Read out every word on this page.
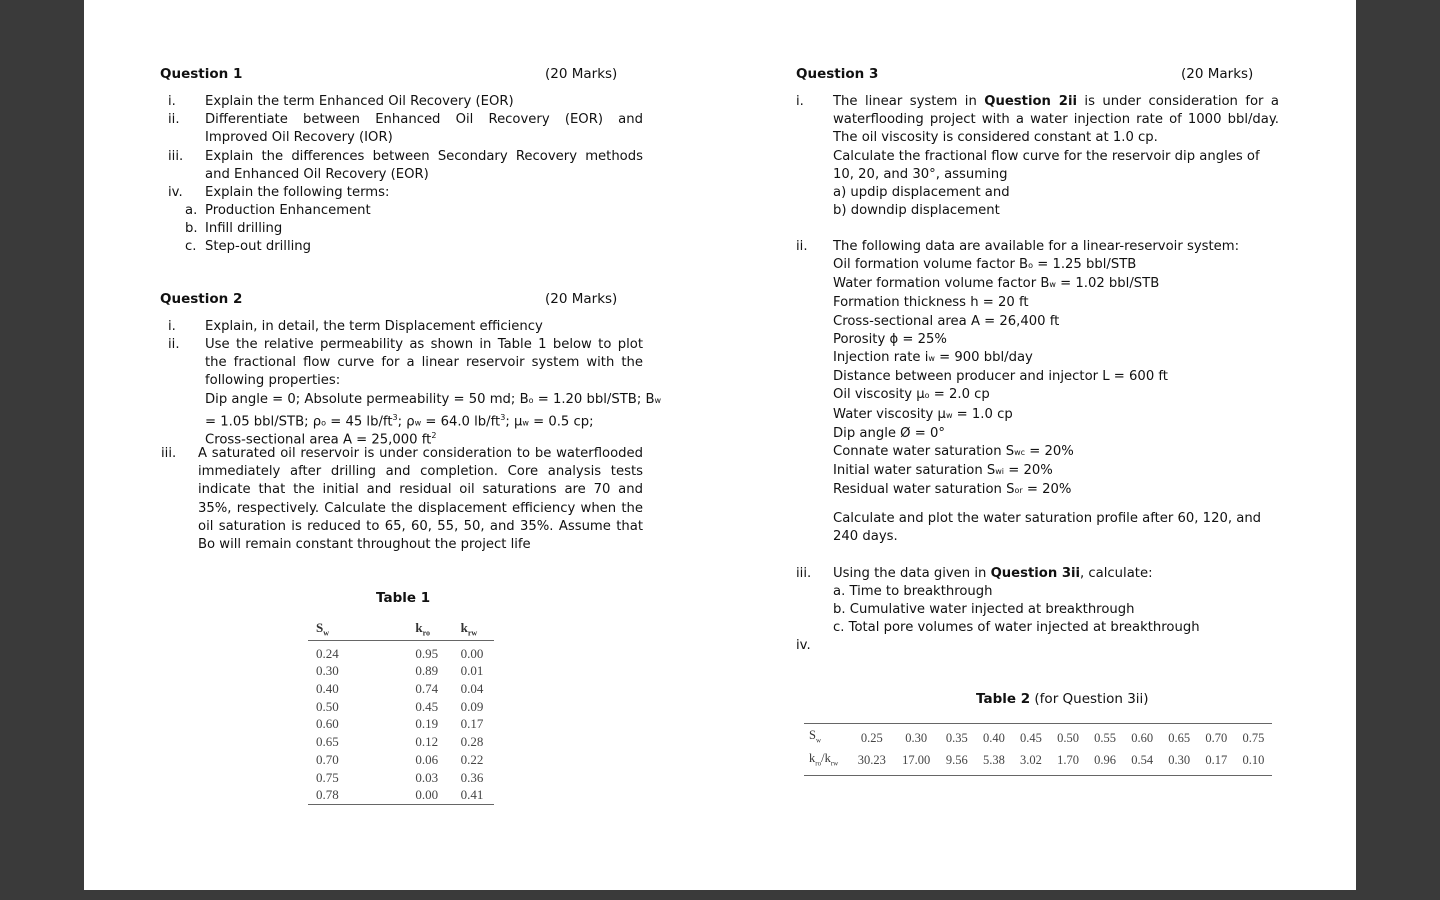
Question 1	(20 Marks)
i. Explain the term Enhanced Oil Recovery (EOR)
ii. Differentiate between Enhanced Oil Recovery (EOR) and Improved Oil Recovery (IOR)
iii. Explain the differences between Secondary Recovery methods and Enhanced Oil Recovery (EOR)
iv. Explain the following terms:
a. Production Enhancement
b. Infill drilling
c. Step-out drilling
Question 2	(20 Marks)
i. Explain, in detail, the term Displacement efficiency
ii. Use the relative permeability as shown in Table 1 below to plot the fractional flow curve for a linear reservoir system with the following properties:
Dip angle = 0; Absolute permeability = 50 md; Bo = 1.20 bbl/STB; Bw
= 1.05 bbl/STB; ρo = 45 $lb/ft^3$; ρw = 64.0 $lb/ft^3$; μw = 0.5 cp;
Cross-sectional area A = 25,000 $ft^2$
iii. A saturated oil reservoir is under consideration to be waterflooded immediately after drilling and completion. Core analysis tests indicate that the initial and residual oil saturations are 70 and 35%, respectively. Calculate the displacement efficiency when the oil saturation is reduced to 65, 60, 55, 50, and 35%. Assume that Bo will remain constant throughout the project life
Table 1
$S_w$	$k_{ro}$	$k_{rw}$
0.24	0.95	0.00
0.30	0.89	0.01
0.40	0.74	0.04
0.50	0.45	0.09
0.60	0.19	0.17
0.65	0.12	0.28
0.70	0.06	0.22
0.75	0.03	0.36
0.78	0.00	0.41
Question 3	(20 Marks)
i. The linear system in Question 2ii is under consideration for a waterflooding project with a water injection rate of 1000 bbl/day. The oil viscosity is considered constant at 1.0 cp.
Calculate the fractional flow curve for the reservoir dip angles of 10, 20, and 30°, assuming
a) updip displacement and
b) downdip displacement
ii. The following data are available for a linear-reservoir system:
Oil formation volume factor Bo = 1.25 bbl/STB
Water formation volume factor Bw = 1.02 bbl/STB
Formation thickness h = 20 ft
Cross-sectional area A = 26,400 ft
Porosity ϕ = 25%
Injection rate iw = 900 bbl/day
Distance between producer and injector L = 600 ft
Oil viscosity μo = 2.0 cp
Water viscosity μw = 1.0 cp
Dip angle Ø = 0°
Connate water saturation Swc = 20%
Initial water saturation Swi = 20%
Residual water saturation Sor = 20%
Calculate and plot the water saturation profile after 60, 120, and 240 days.
iii. Using the data given in Question 3ii, calculate:
a. Time to breakthrough
b. Cumulative water injected at breakthrough
c. Total pore volumes of water injected at breakthrough
iv.
Table 2 (for Question 3ii)
$S_w$	0.25	0.30	0.35	0.40	0.45	0.50	0.55	0.60	0.65	0.70	0.75
$k_{ro}/k_{rw}$	30.23	17.00	9.56	5.38	3.02	1.70	0.96	0.54	0.30	0.17	0.10
